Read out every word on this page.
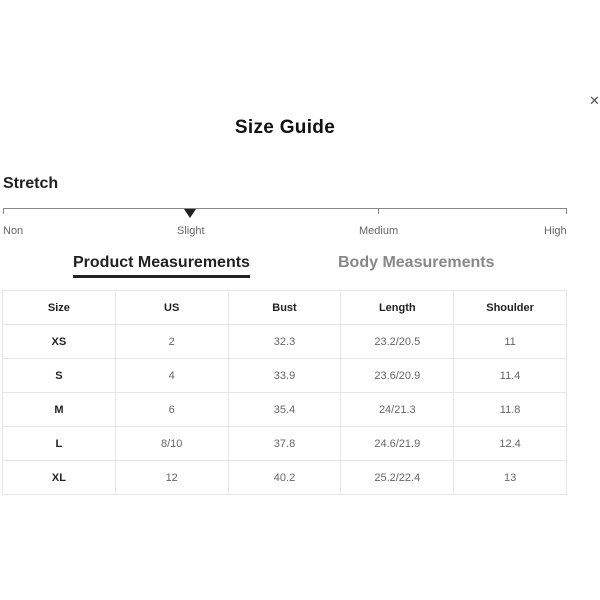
✕
Size Guide
Stretch
Non	Slight	Medium	High
Product Measurements	Body Measurements
Size	US	Bust	Length	Shoulder
XS	2	32.3	23.2/20.5	11
S	4	33.9	23.6/20.9	11.4
M	6	35.4	24/21.3	11.8
L	8/10	37.8	24.6/21.9	12.4
XL	12	40.2	25.2/22.4	13
